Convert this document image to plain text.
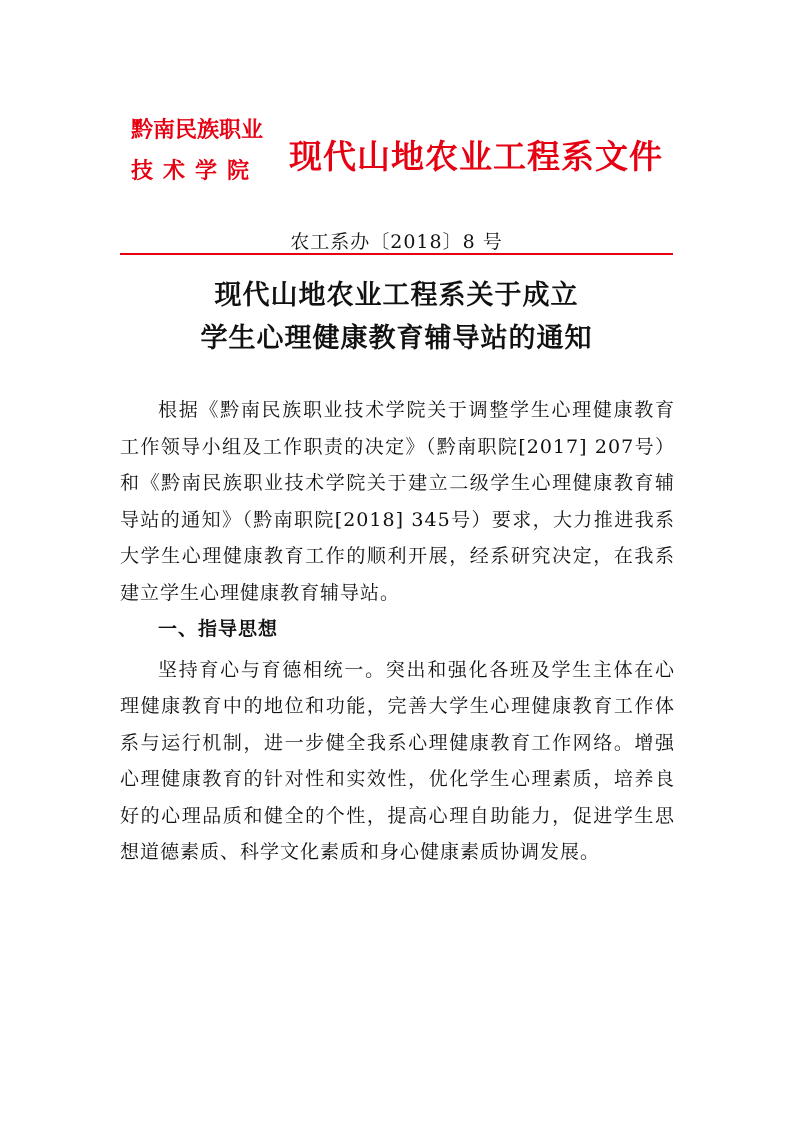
黔南民族职业
技术学院 现代山地农业工程系文件
农工系办〔2018〕8 号
现代山地农业工程系关于成立
学生心理健康教育辅导站的通知

根据《黔南民族职业技术学院关于调整学生心理健康教育工作领导小组及工作职责的决定》（黔南职院[2017] 207号）和《黔南民族职业技术学院关于建立二级学生心理健康教育辅导站的通知》（黔南职院[2018] 345号）要求，大力推进我系大学生心理健康教育工作的顺利开展，经系研究决定，在我系建立学生心理健康教育辅导站。

一、指导思想

坚持育心与育德相统一。突出和强化各班及学生主体在心理健康教育中的地位和功能，完善大学生心理健康教育工作体系与运行机制，进一步健全我系心理健康教育工作网络。增强心理健康教育的针对性和实效性，优化学生心理素质，培养良好的心理品质和健全的个性，提高心理自助能力，促进学生思想道德素质、科学文化素质和身心健康素质协调发展。
